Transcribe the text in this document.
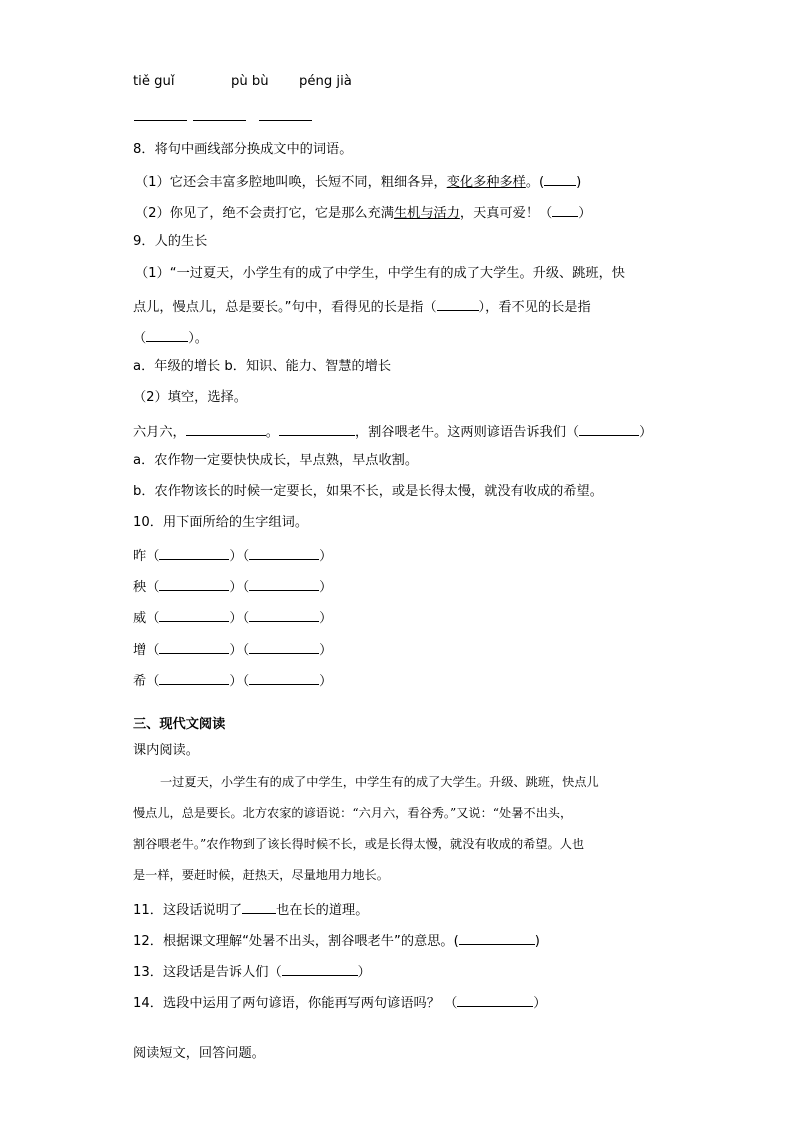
tiě guǐ	pù bù péng jià
8．将句中画线部分换成文中的词语。
（1）它还会丰富多腔地叫唤，长短不同，粗细各异，变化多种多样。( )
（2）你见了，绝不会责打它，它是那么充满生机与活力，天真可爱！（ ）
9．人的生长
（1）“一过夏天，小学生有的成了中学生，中学生有的成了大学生。升级、跳班，快
点儿，慢点儿，总是要长。”句中，看得见的长是指（	），看不见的长是指
（	）。
a．年级的增长 b．知识、能力、智慧的增长
（2）填空，选择。
六月六，	。	，割谷喂老牛。这两则谚语告诉我们（	）
a．农作物一定要快快成长，早点熟，早点收割。
b．农作物该长的时候一定要长，如果不长，或是长得太慢，就没有收成的希望。
10．用下面所给的生字组词。
昨（	）（	）
秧（	）（	）
威（	）（	）
增（	）（	）
希（	）（	）
三、现代文阅读
课内阅读。
一过夏天，小学生有的成了中学生，中学生有的成了大学生。升级、跳班，快点儿
慢点儿，总是要长。北方农家的谚语说：“六月六，看谷秀。”又说：“处暑不出头，
割谷喂老牛。”农作物到了该长得时候不长，或是长得太慢，就没有收成的希望。人也
是一样，要赶时候，赶热天，尽量地用力地长。
11．这段话说明了	也在长的道理。
12．根据课文理解“处暑不出头，割谷喂老牛”的意思。(	)
13．这段话是告诉人们（	）
14．选段中运用了两句谚语，你能再写两句谚语吗？ （	）
阅读短文，回答问题。
